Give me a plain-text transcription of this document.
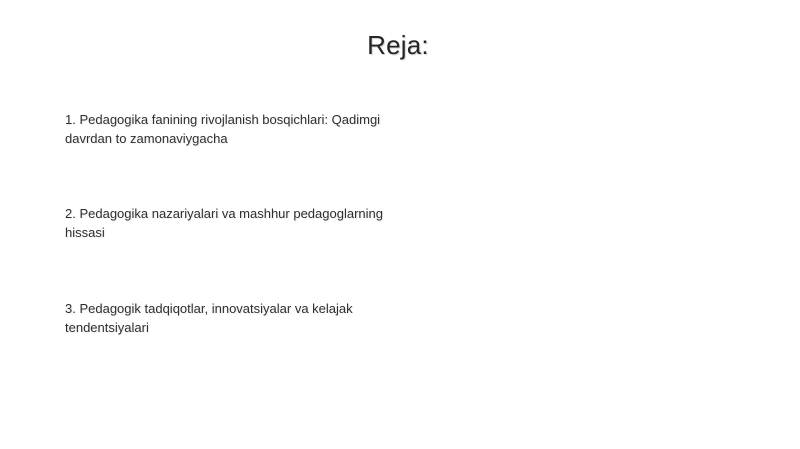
Reja:
1. Pedagogika fanining rivojlanish bosqichlari: Qadimgi davrdan to zamonaviygacha
2. Pedagogika nazariyalari va mashhur pedagoglarning hissasi
3. Pedagogik tadqiqotlar, innovatsiyalar va kelajak tendentsiyalari
